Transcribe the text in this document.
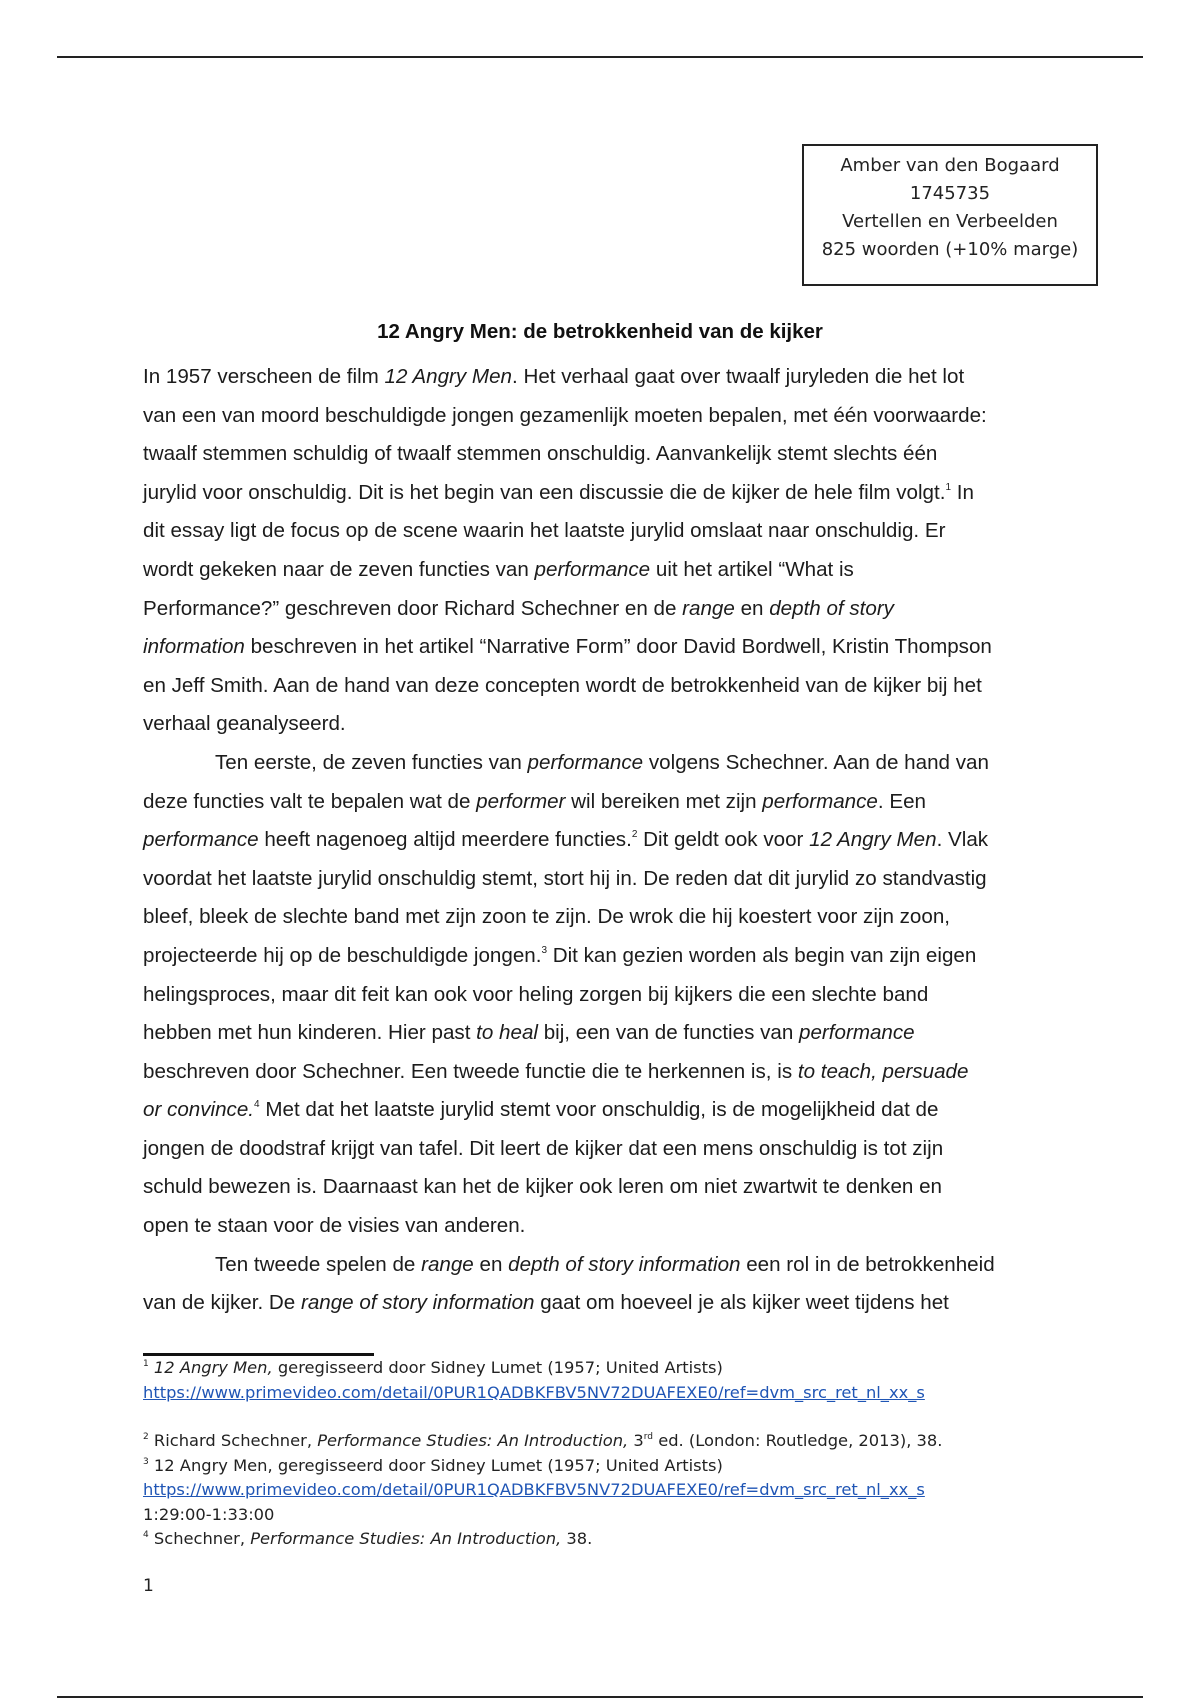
Amber van den Bogaard
1745735
Vertellen en Verbeelden
825 woorden (+10% marge)
12 Angry Men: de betrokkenheid van de kijker

In 1957 verscheen de film 12 Angry Men. Het verhaal gaat over twaalf juryleden die het lot
van een van moord beschuldigde jongen gezamenlijk moeten bepalen, met één voorwaarde:
twaalf stemmen schuldig of twaalf stemmen onschuldig. Aanvankelijk stemt slechts één
jurylid voor onschuldig. Dit is het begin van een discussie die de kijker de hele film volgt.$^1$ In
dit essay ligt de focus op de scene waarin het laatste jurylid omslaat naar onschuldig. Er
wordt gekeken naar de zeven functies van performance uit het artikel “What is
Performance?” geschreven door Richard Schechner en de range en depth of story
information beschreven in het artikel “Narrative Form” door David Bordwell, Kristin Thompson
en Jeff Smith. Aan de hand van deze concepten wordt de betrokkenheid van de kijker bij het
verhaal geanalyseerd.

Ten eerste, de zeven functies van performance volgens Schechner. Aan de hand van
deze functies valt te bepalen wat de performer wil bereiken met zijn performance. Een
performance heeft nagenoeg altijd meerdere functies.$^2$ Dit geldt ook voor 12 Angry Men. Vlak
voordat het laatste jurylid onschuldig stemt, stort hij in. De reden dat dit jurylid zo standvastig
bleef, bleek de slechte band met zijn zoon te zijn. De wrok die hij koestert voor zijn zoon,
projecteerde hij op de beschuldigde jongen.$^3$ Dit kan gezien worden als begin van zijn eigen
helingsproces, maar dit feit kan ook voor heling zorgen bij kijkers die een slechte band
hebben met hun kinderen. Hier past to heal bij, een van de functies van performance
beschreven door Schechner. Een tweede functie die te herkennen is, is to teach, persuade
or convince.$^4$ Met dat het laatste jurylid stemt voor onschuldig, is de mogelijkheid dat de
jongen de doodstraf krijgt van tafel. Dit leert de kijker dat een mens onschuldig is tot zijn
schuld bewezen is. Daarnaast kan het de kijker ook leren om niet zwartwit te denken en
open te staan voor de visies van anderen.

Ten tweede spelen de range en depth of story information een rol in de betrokkenheid
van de kijker. De range of story information gaat om hoeveel je als kijker weet tijdens het

$^1$ 12 Angry Men, geregisseerd door Sidney Lumet (1957; United Artists)
https://www.primevideo.com/detail/0PUR1QADBKFBV5NV72DUAFEXE0/ref=dvm_src_ret_nl_xx_s
$^2$ Richard Schechner, Performance Studies: An Introduction, 3rd ed. (London: Routledge, 2013), 38.
$^3$ 12 Angry Men, geregisseerd door Sidney Lumet (1957; United Artists)
https://www.primevideo.com/detail/0PUR1QADBKFBV5NV72DUAFEXE0/ref=dvm_src_ret_nl_xx_s
1:29:00-1:33:00
$^4$ Schechner, Performance Studies: An Introduction, 38.
1
